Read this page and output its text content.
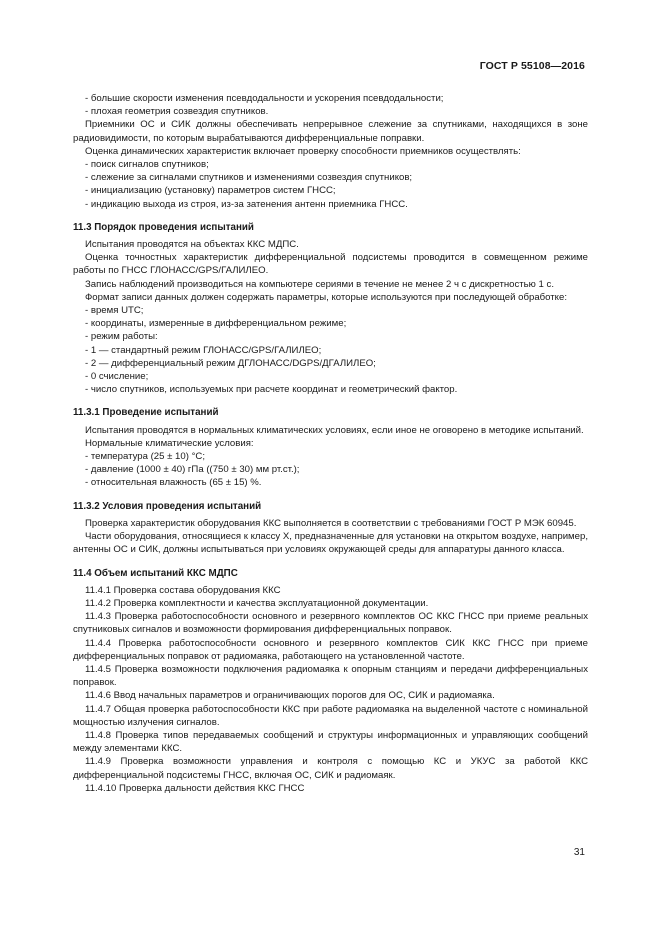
ГОСТ Р 55108—2016

- большие скорости изменения псевдодальности и ускорения псевдодальности;

- плохая геометрия созвездия спутников.

Приемники ОС и СИК должны обеспечивать непрерывное слежение за спутниками, находящихся в зоне радиовидимости, по которым вырабатываются дифференциальные поправки.

Оценка динамических характеристик включает проверку способности приемников осуществлять:

- поиск сигналов спутников;

- слежение за сигналами спутников и изменениями созвездия спутников;

- инициализацию (установку) параметров систем ГНСС;

- индикацию выхода из строя, из-за затенения антенн приемника ГНСС.

11.3 Порядок проведения испытаний

Испытания проводятся на объектах ККС МДПС.

Оценка точностных характеристик дифференциальной подсистемы проводится в совмещенном режиме работы по ГНСС ГЛОНАСС/GPS/ГАЛИЛЕО.

Запись наблюдений производиться на компьютере сериями в течение не менее 2 ч с дискретностью 1 с.

Формат записи данных должен содержать параметры, которые используются при последующей обработке:

- время UTC;

- координаты, измеренные в дифференциальном режиме;

- режим работы:

- 1 — стандартный режим ГЛОНАСС/GPS/ГАЛИЛЕО;

- 2 — дифференциальный режим ДГЛОНАСС/DGPS/ДГАЛИЛЕО;

- 0 счисление;

- число спутников, используемых при расчете координат и геометрический фактор.

11.3.1 Проведение испытаний

Испытания проводятся в нормальных климатических условиях, если иное не оговорено в методике испытаний.

Нормальные климатические условия:

- температура (25 ± 10) °С;

- давление (1000 ± 40) гПа ((750 ± 30) мм рт.ст.);

- относительная влажность (65 ± 15) %.

11.3.2 Условия проведения испытаний

Проверка характеристик оборудования ККС выполняется в соответствии с требованиями ГОСТ Р МЭК 60945.

Части оборудования, относящиеся к классу Х, предназначенные для установки на открытом воздухе, например, антенны ОС и СИК, должны испытываться при условиях окружающей среды для аппаратуры данного класса.

11.4 Объем испытаний ККС МДПС

11.4.1 Проверка состава оборудования ККС

11.4.2 Проверка комплектности и качества эксплуатационной документации.

11.4.3 Проверка работоспособности основного и резервного комплектов ОС ККС ГНСС при приеме реальных спутниковых сигналов и возможности формирования дифференциальных поправок.

11.4.4 Проверка работоспособности основного и резервного комплектов СИК ККС ГНСС при приеме дифференциальных поправок от радиомаяка, работающего на установленной частоте.

11.4.5 Проверка возможности подключения радиомаяка к опорным станциям и передачи дифференциальных поправок.

11.4.6 Ввод начальных параметров и ограничивающих порогов для ОС, СИК и радиомаяка.

11.4.7 Общая проверка работоспособности ККС при работе радиомаяка на выделенной частоте с номинальной мощностью излучения сигналов.

11.4.8 Проверка типов передаваемых сообщений и структуры информационных и управляющих сообщений между элементами ККС.

11.4.9 Проверка возможности управления и контроля с помощью КС и УКУС за работой ККС дифференциальной подсистемы ГНСС, включая ОС, СИК и радиомаяк.

11.4.10 Проверка дальности действия ККС ГНСС

31
